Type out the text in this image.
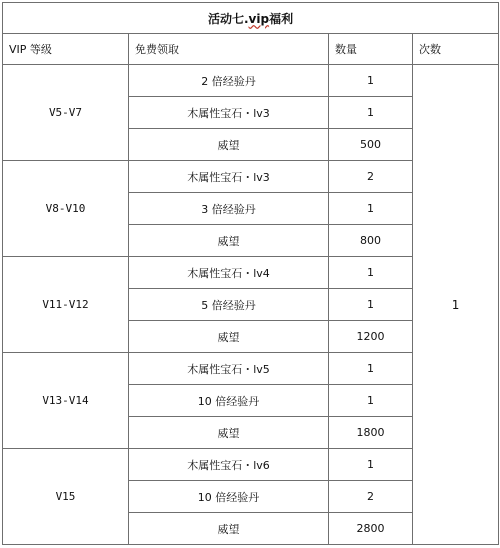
活动七.vip福利			
VIP 等级	免费领取	数量	次数
V5-V7	2 倍经验丹	1	1
	木属性宝石・lv3	1	
	威望	500	
V8-V10	木属性宝石・lv3	2	
	3 倍经验丹	1	
	威望	800	
V11-V12	木属性宝石・lv4	1	
	5 倍经验丹	1	
	威望	1200	
V13-V14	木属性宝石・lv5	1	
	10 倍经验丹	1	
	威望	1800	
V15	木属性宝石・lv6	1	
	10 倍经验丹	2	
	威望	2800	
